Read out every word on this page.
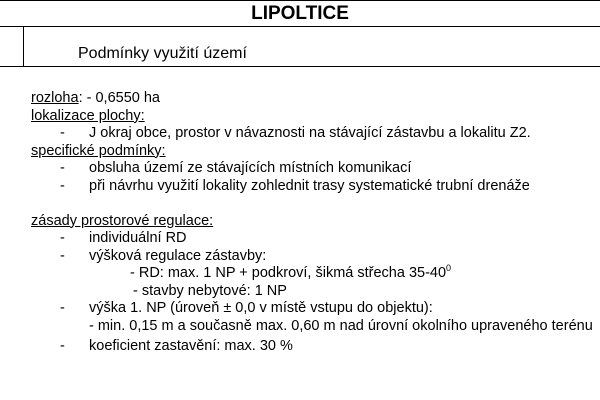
LIPOLTICE
Podmínky využití území
rozloha: - 0,6550 ha
lokalizace plochy:
- J okraj obce, prostor v návaznosti na stávající zástavbu a lokalitu Z2.
specifické podmínky:
- obsluha území ze stávajících místních komunikací
- při návrhu využití lokality zohlednit trasy systematické trubní drenáže
zásady prostorové regulace:
- individuální RD
- výšková regulace zástavby:
- RD: max. 1 NP + podkroví, šikmá střecha $35-40^0$
- stavby nebytové: 1 NP
- výška 1. NP (úroveň ± 0,0 v místě vstupu do objektu):
- min. 0,15 m a současně max. 0,60 m nad úrovní okolního upraveného terénu
- koeficient zastavění: max. 30 %
